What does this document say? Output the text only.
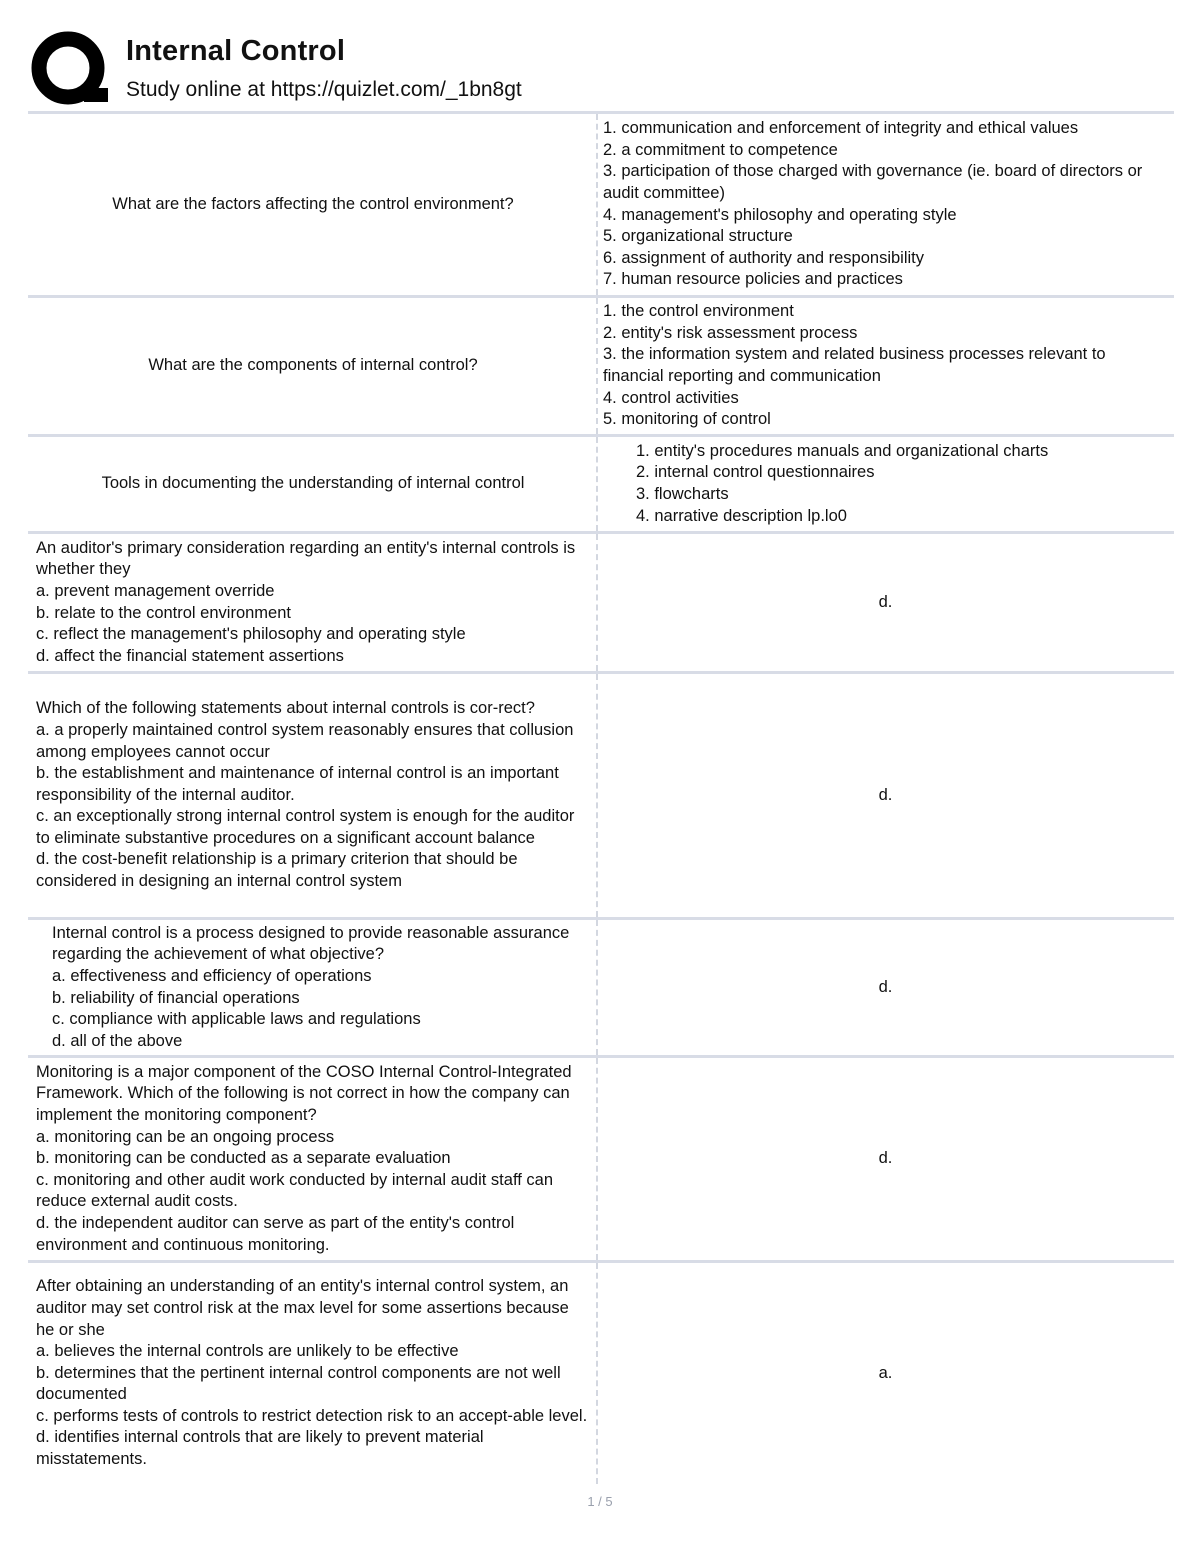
Internal Control
Study online at https://quizlet.com/_1bn8gt
What are the factors affecting the control environment?
1. communication and enforcement of integrity and ethical values
2. a commitment to competence
3. participation of those charged with governance (ie. board of directors or audit committee)
4. management's philosophy and operating style
5. organizational structure
6. assignment of authority and responsibility
7. human resource policies and practices
What are the components of internal control?
1. the control environment
2. entity's risk assessment process
3. the information system and related business processes relevant to financial reporting and communication
4. control activities
5. monitoring of control
Tools in documenting the understanding of internal control
1. entity's procedures manuals and organizational charts
2. internal control questionnaires
3. flowcharts
4. narrative description lp.lo0
An auditor's primary consideration regarding an entity's internal controls is whether they
a. prevent management override
b. relate to the control environment
c. reflect the management's philosophy and operating style
d. affect the financial statement assertions
d.
Which of the following statements about internal controls is cor-rect?
a. a properly maintained control system reasonably ensures that collusion among employees cannot occur
b. the establishment and maintenance of internal control is an important responsibility of the internal auditor.
c. an exceptionally strong internal control system is enough for the auditor to eliminate substantive procedures on a significant account balance
d. the cost-benefit relationship is a primary criterion that should be considered in designing an internal control system
d.
Internal control is a process designed to provide reasonable assurance regarding the achievement of what objective?
a. effectiveness and efficiency of operations
b. reliability of financial operations
c. compliance with applicable laws and regulations
d. all of the above
d.
Monitoring is a major component of the COSO Internal Control-Integrated Framework. Which of the following is not correct in how the company can implement the monitoring component?
a. monitoring can be an ongoing process
b. monitoring can be conducted as a separate evaluation
c. monitoring and other audit work conducted by internal audit staff can reduce external audit costs.
d. the independent auditor can serve as part of the entity's control environment and continuous monitoring.
d.
After obtaining an understanding of an entity's internal control system, an auditor may set control risk at the max level for some assertions because he or she
a. believes the internal controls are unlikely to be effective
b. determines that the pertinent internal control components are not well documented
c. performs tests of controls to restrict detection risk to an accept-able level.
d. identifies internal controls that are likely to prevent material misstatements.
a.
1 / 5
